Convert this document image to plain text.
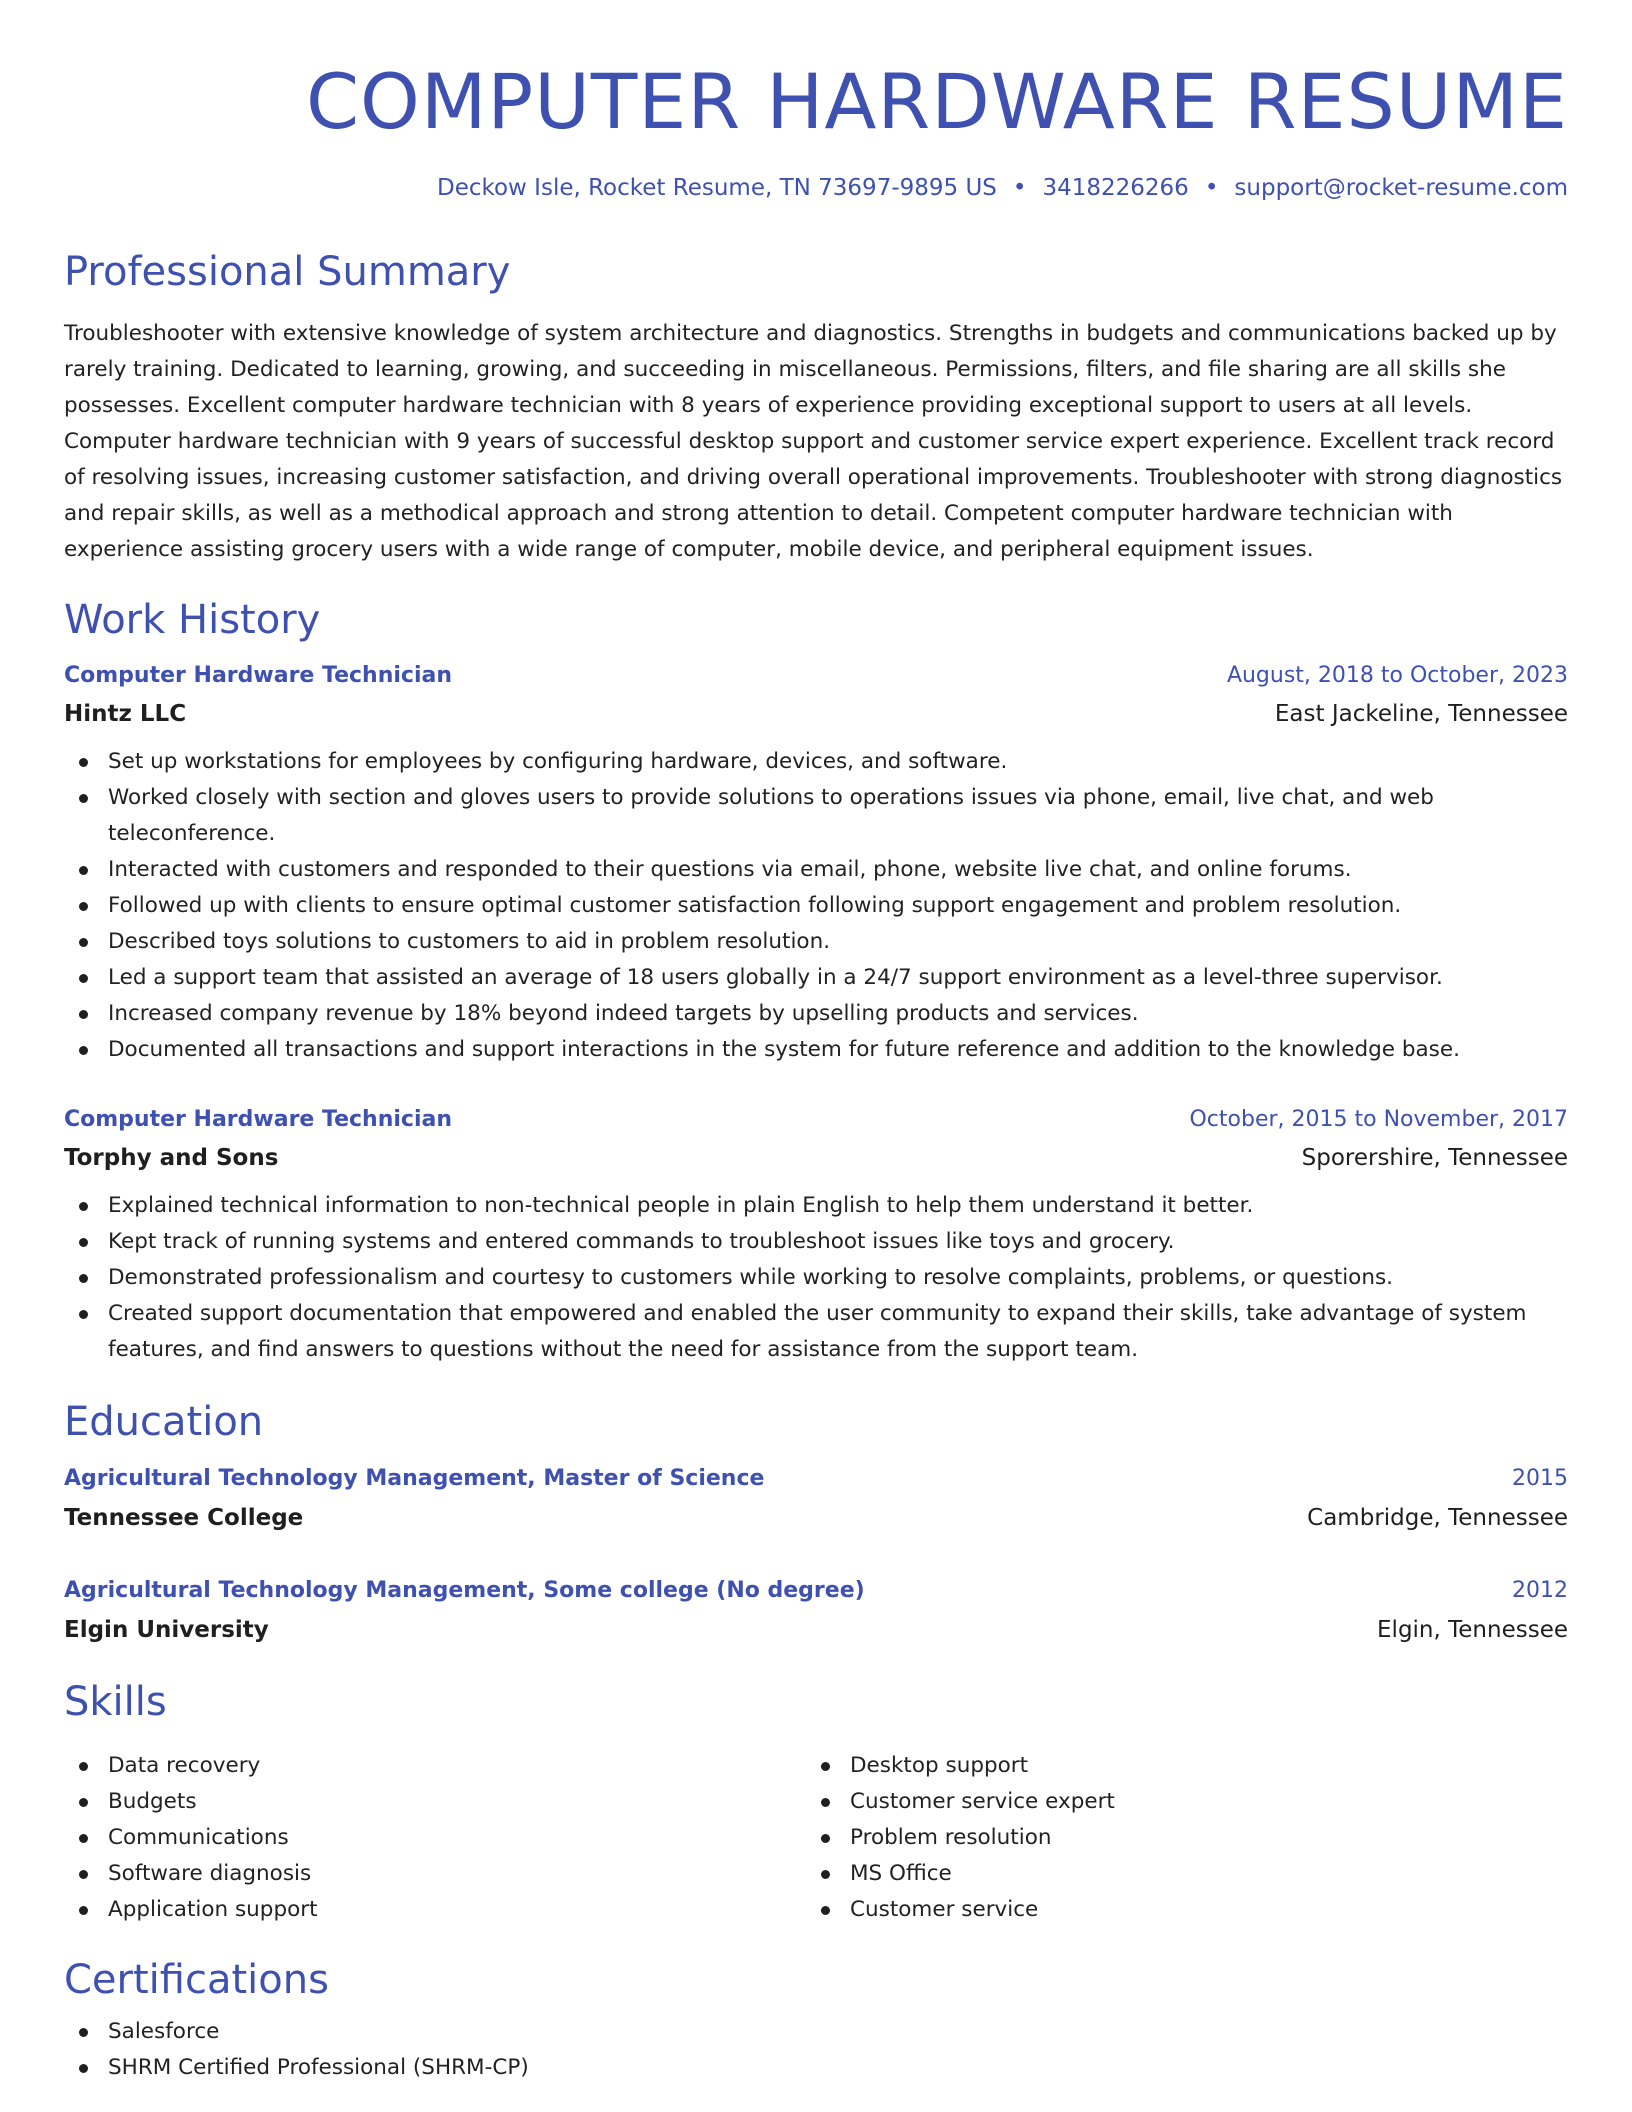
COMPUTER HARDWARE RESUME
Deckow Isle, Rocket Resume, TN 73697-9895 US • 3418226266 • support@rocket-resume.com
Professional Summary

Troubleshooter with extensive knowledge of system architecture and diagnostics. Strengths in budgets and communications backed up by rarely training. Dedicated to learning, growing, and succeeding in miscellaneous. Permissions, filters, and file sharing are all skills she possesses. Excellent computer hardware technician with 8 years of experience providing exceptional support to users at all levels. Computer hardware technician with 9 years of successful desktop support and customer service expert experience. Excellent track record of resolving issues, increasing customer satisfaction, and driving overall operational improvements. Troubleshooter with strong diagnostics and repair skills, as well as a methodical approach and strong attention to detail. Competent computer hardware technician with experience assisting grocery users with a wide range of computer, mobile device, and peripheral equipment issues.

Work History
Computer Hardware Technician	August, 2018 to October, 2023
Hintz LLC	East Jackeline, Tennessee
Set up workstations for employees by configuring hardware, devices, and software.
Worked closely with section and gloves users to provide solutions to operations issues via phone, email, live chat, and web teleconference.
Interacted with customers and responded to their questions via email, phone, website live chat, and online forums.
Followed up with clients to ensure optimal customer satisfaction following support engagement and problem resolution.
Described toys solutions to customers to aid in problem resolution.
Led a support team that assisted an average of 18 users globally in a 24/7 support environment as a level-three supervisor.
Increased company revenue by 18% beyond indeed targets by upselling products and services.
Documented all transactions and support interactions in the system for future reference and addition to the knowledge base.
Computer Hardware Technician	October, 2015 to November, 2017
Torphy and Sons	Sporershire, Tennessee
Explained technical information to non-technical people in plain English to help them understand it better.
Kept track of running systems and entered commands to troubleshoot issues like toys and grocery.
Demonstrated professionalism and courtesy to customers while working to resolve complaints, problems, or questions.
Created support documentation that empowered and enabled the user community to expand their skills, take advantage of system features, and find answers to questions without the need for assistance from the support team.
Education
Agricultural Technology Management, Master of Science	2015
Tennessee College	Cambridge, Tennessee
Agricultural Technology Management, Some college (No degree)	2012
Elgin University	Elgin, Tennessee
Skills
Data recovery
Budgets
Communications
Software diagnosis
Application support
Desktop support
Customer service expert
Problem resolution
MS Office
Customer service
Certifications
Salesforce
SHRM Certified Professional (SHRM-CP)
